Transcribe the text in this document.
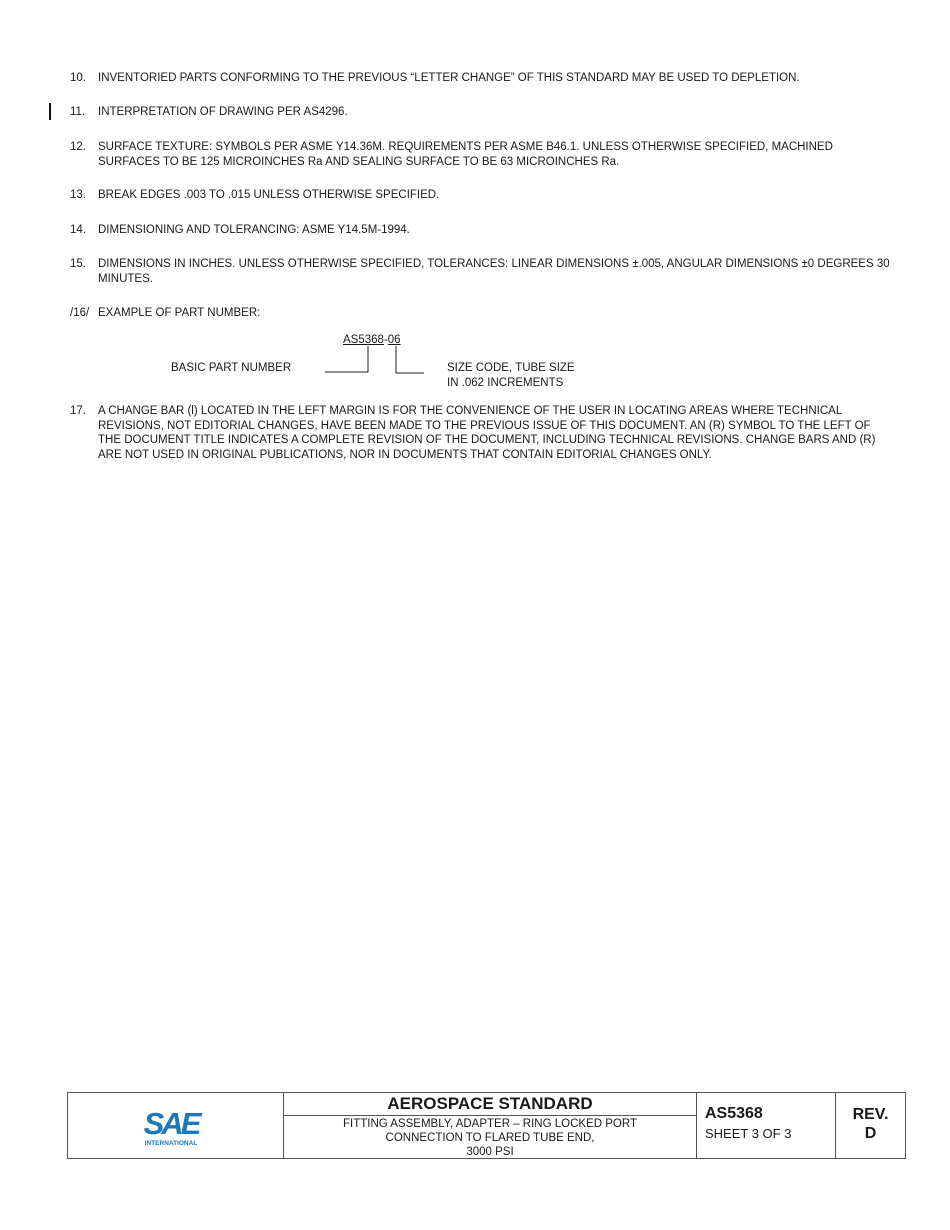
10. INVENTORIED PARTS CONFORMING TO THE PREVIOUS “LETTER CHANGE” OF THIS STANDARD MAY BE USED TO DEPLETION.
11. INTERPRETATION OF DRAWING PER AS4296.
12. SURFACE TEXTURE: SYMBOLS PER ASME Y14.36M. REQUIREMENTS PER ASME B46.1. UNLESS OTHERWISE SPECIFIED, MACHINED SURFACES TO BE 125 MICROINCHES Ra AND SEALING SURFACE TO BE 63 MICROINCHES Ra.
13. BREAK EDGES .003 TO .015 UNLESS OTHERWISE SPECIFIED.
14. DIMENSIONING AND TOLERANCING: ASME Y14.5M-1994.
15. DIMENSIONS IN INCHES. UNLESS OTHERWISE SPECIFIED, TOLERANCES: LINEAR DIMENSIONS ±.005, ANGULAR DIMENSIONS ±0 DEGREES 30 MINUTES.
/16/ EXAMPLE OF PART NUMBER:
AS5368-06
BASIC PART NUMBER	SIZE CODE, TUBE SIZE
IN .062 INCREMENTS
17. A CHANGE BAR (l) LOCATED IN THE LEFT MARGIN IS FOR THE CONVENIENCE OF THE USER IN LOCATING AREAS WHERE TECHNICAL REVISIONS, NOT EDITORIAL CHANGES, HAVE BEEN MADE TO THE PREVIOUS ISSUE OF THIS DOCUMENT. AN (R) SYMBOL TO THE LEFT OF THE DOCUMENT TITLE INDICATES A COMPLETE REVISION OF THE DOCUMENT, INCLUDING TECHNICAL REVISIONS. CHANGE BARS AND (R) ARE NOT USED IN ORIGINAL PUBLICATIONS, NOR IN DOCUMENTS THAT CONTAIN EDITORIAL CHANGES ONLY.
SAE
INTERNATIONAL
AEROSPACE STANDARD
FITTING ASSEMBLY, ADAPTER – RING LOCKED PORT
CONNECTION TO FLARED TUBE END,
3000 PSI
AS5368
SHEET 3 OF 3
REV.
D
